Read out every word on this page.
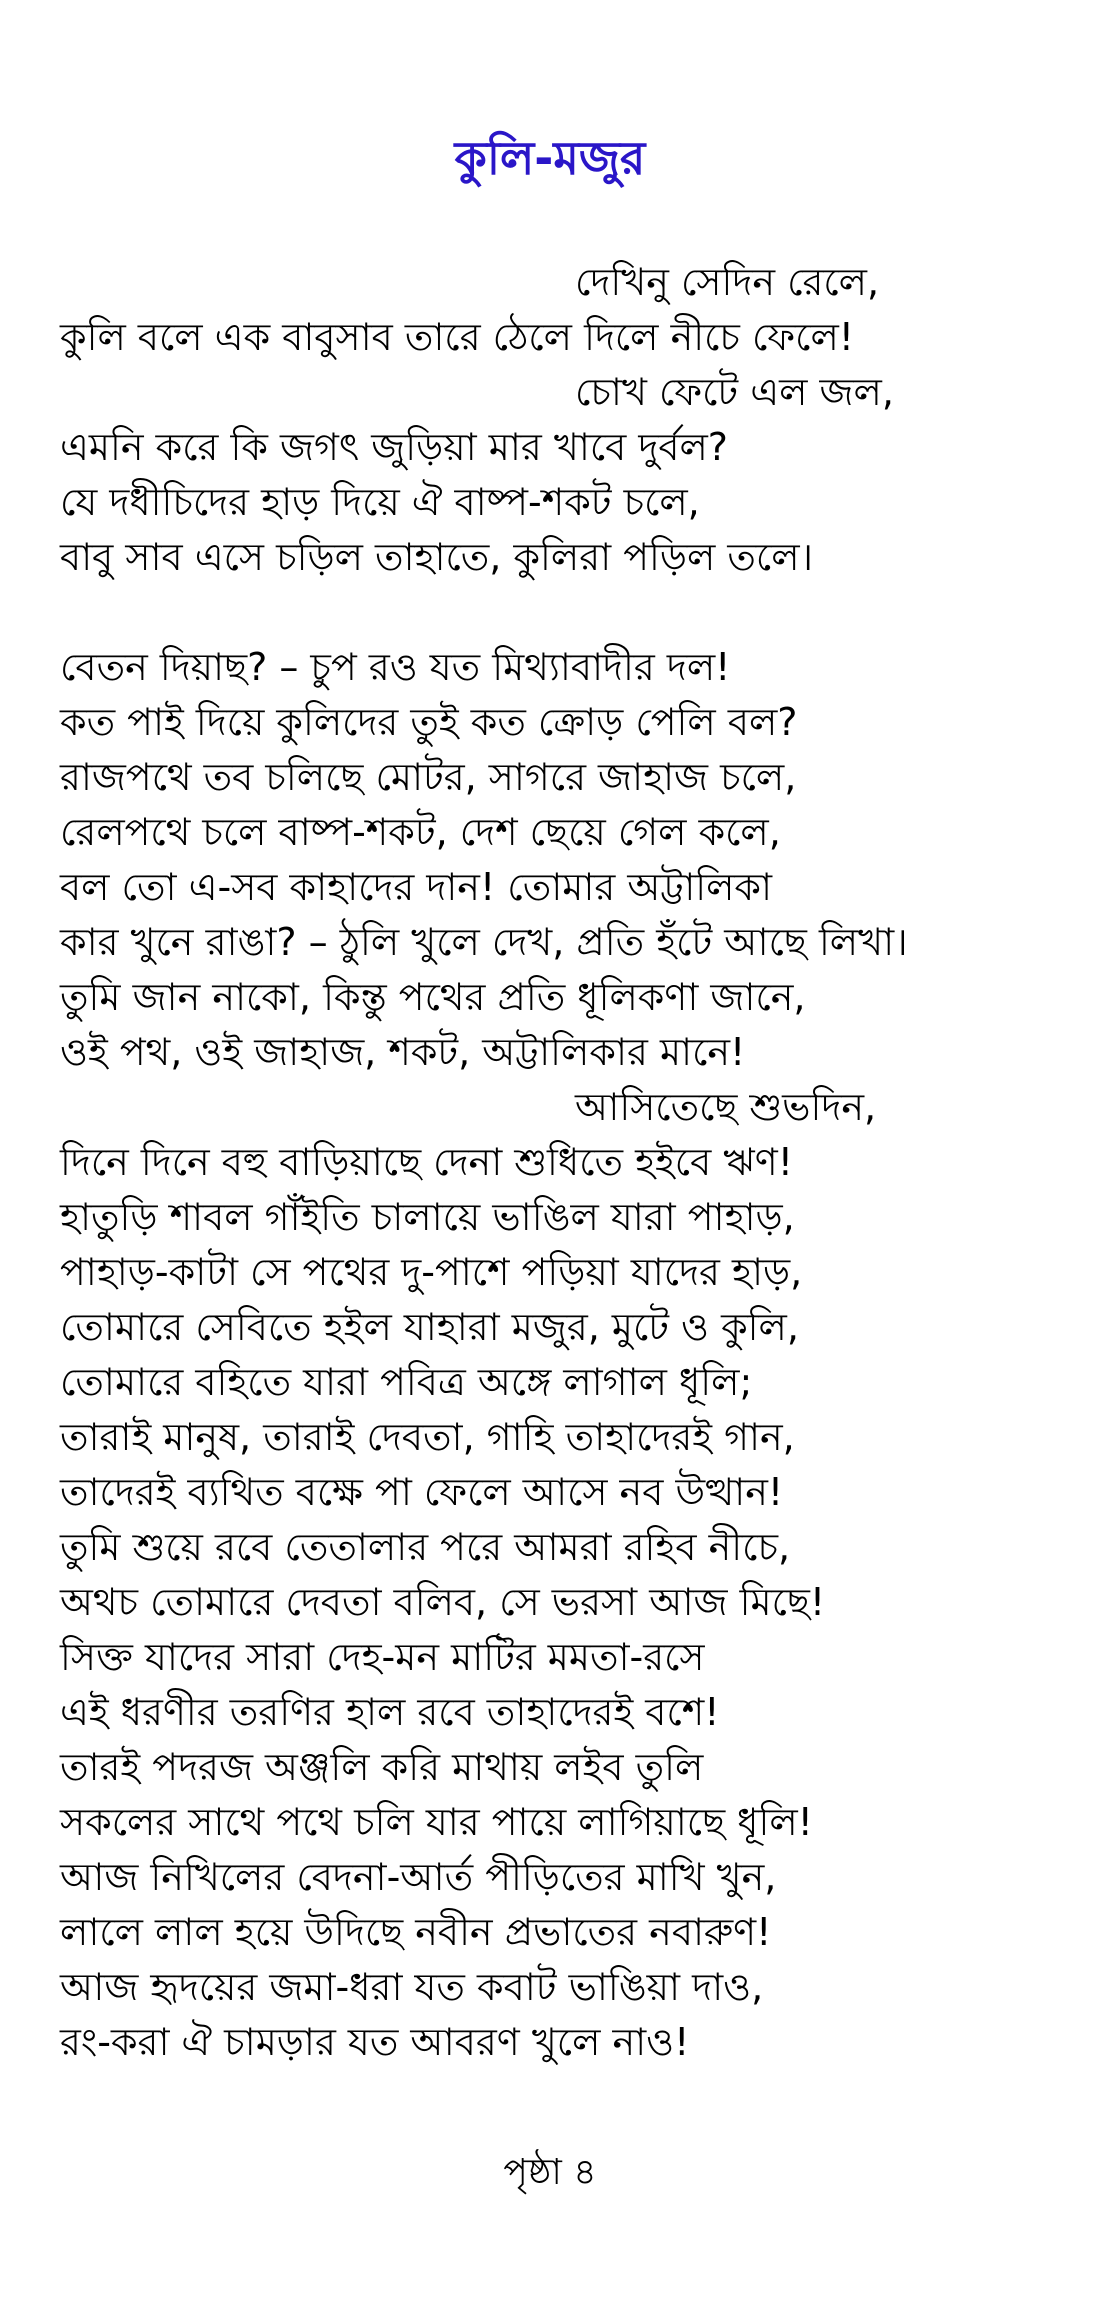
কুলি-মজুর
দেখিনু সেদিন রেলে,
কুলি বলে এক বাবুসাব তারে ঠেলে দিলে নীচে ফেলে!
চোখ ফেটে এল জল,
এমনি করে কি জগৎ জুড়িয়া মার খাবে দুর্বল?
যে দধীচিদের হাড় দিয়ে ঐ বাষ্প-শকট চলে,
বাবু সাব এসে চড়িল তাহাতে, কুলিরা পড়িল তলে।
বেতন দিয়াছ? – চুপ রও যত মিথ্যাবাদীর দল!
কত পাই দিয়ে কুলিদের তুই কত ক্রোড় পেলি বল?
রাজপথে তব চলিছে মোটর, সাগরে জাহাজ চলে,
রেলপথে চলে বাষ্প-শকট, দেশ ছেয়ে গেল কলে,
বল তো এ-সব কাহাদের দান! তোমার অট্টালিকা
কার খুনে রাঙা? – ঠুলি খুলে দেখ, প্রতি হঁটে আছে লিখা।
তুমি জান নাকো, কিন্তু পথের প্রতি ধূলিকণা জানে,
ওই পথ, ওই জাহাজ, শকট, অট্টালিকার মানে!
আসিতেছে শুভদিন,
দিনে দিনে বহু বাড়িয়াছে দেনা শুধিতে হইবে ঋণ!
হাতুড়ি শাবল গাঁইতি চালায়ে ভাঙিল যারা পাহাড়,
পাহাড়-কাটা সে পথের দু-পাশে পড়িয়া যাদের হাড়,
তোমারে সেবিতে হইল যাহারা মজুর, মুটে ও কুলি,
তোমারে বহিতে যারা পবিত্র অঙ্গে লাগাল ধূলি;
তারাই মানুষ, তারাই দেবতা, গাহি তাহাদেরই গান,
তাদেরই ব্যথিত বক্ষে পা ফেলে আসে নব উত্থান!
তুমি শুয়ে রবে তেতালার পরে আমরা রহিব নীচে,
অথচ তোমারে দেবতা বলিব, সে ভরসা আজ মিছে!
সিক্ত যাদের সারা দেহ-মন মাটির মমতা-রসে
এই ধরণীর তরণির হাল রবে তাহাদেরই বশে!
তারই পদরজ অঞ্জলি করি মাথায় লইব তুলি
সকলের সাথে পথে চলি যার পায়ে লাগিয়াছে ধূলি!
আজ নিখিলের বেদনা-আর্ত পীড়িতের মাখি খুন,
লালে লাল হয়ে উদিছে নবীন প্রভাতের নবারুণ!
আজ হৃদয়ের জমা-ধরা যত কবাট ভাঙিয়া দাও,
রং-করা ঐ চামড়ার যত আবরণ খুলে নাও!
পৃষ্ঠা ৪
